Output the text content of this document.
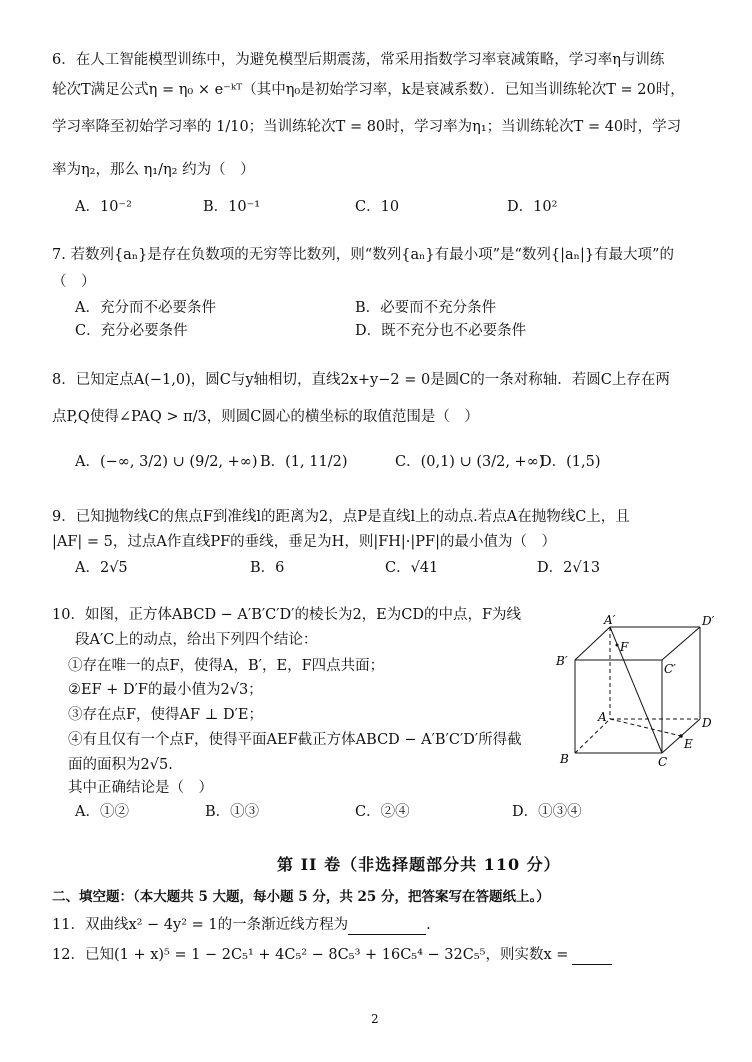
6．在人工智能模型训练中，为避免模型后期震荡，常采用指数学习率衰减策略，学习率η与训练
轮次T满足公式η = η₀ × e⁻ᵏᵀ（其中η₀是初始学习率，k是衰减系数）．已知当训练轮次T = 20时，
学习率降至初始学习率的 1/10；当训练轮次T = 80时，学习率为η₁；当训练轮次T = 40时，学习
率为η₂，那么 η₁/η₂ 约为（　）
A．10⁻²	B．10⁻¹	C．10	D．10²
7. 若数列{aₙ}是存在负数项的无穷等比数列，则“数列{aₙ}有最小项”是“数列{|aₙ|}有最大项”的
（　）
A．充分而不必要条件	B．必要而不充分条件
C．充分必要条件	D．既不充分也不必要条件
8．已知定点A(−1,0)，圆C与y轴相切，直线2x+y−2 = 0是圆C的一条对称轴．若圆C上存在两
点P,Q使得∠PAQ > π/3，则圆C圆心的横坐标的取值范围是（　）
A．(−∞, 3/2) ∪ (9/2, +∞) B．(1, 11/2)	C．(0,1) ∪ (3/2, +∞)
D．(1,5)
9．已知抛物线C的焦点F到准线l的距离为2，点P是直线l上的动点.若点A在抛物线C上，且
|AF| = 5，过点A作直线PF的垂线，垂足为H，则|FH|·|PF|的最小值为（　）
A．2√5	B．6	C．√41	D．2√13
10．如图，正方体ABCD − A′B′C′D′的棱长为2，E为CD的中点，F为线
段A′C上的动点，给出下列四个结论：
①存在唯一的点F，使得A，B′，E，F四点共面；
②EF + D′F的最小值为2√3；
③存在点F，使得AF ⊥ D′E；
④有且仅有一个点F，使得平面AEF截正方体ABCD − A′B′C′D′所得截
面的面积为2√5.
其中正确结论是（　）
A．①②	B．①③	C．②④	D．①③④
A′	D′
B′
F
C′
A	D
E
B	C
第 II 卷（非选择题部分共 110 分）
二、填空题：（本大题共 5 大题，每小题 5 分，共 25 分，把答案写在答题纸上。）
11．双曲线x² − 4y² = 1的一条渐近线方程为	.
12．已知(1 + x)⁵ = 1 − 2C₅¹ + 4C₅² − 8C₅³ + 16C₅⁴ − 32C₅⁵，则实数x =
2
